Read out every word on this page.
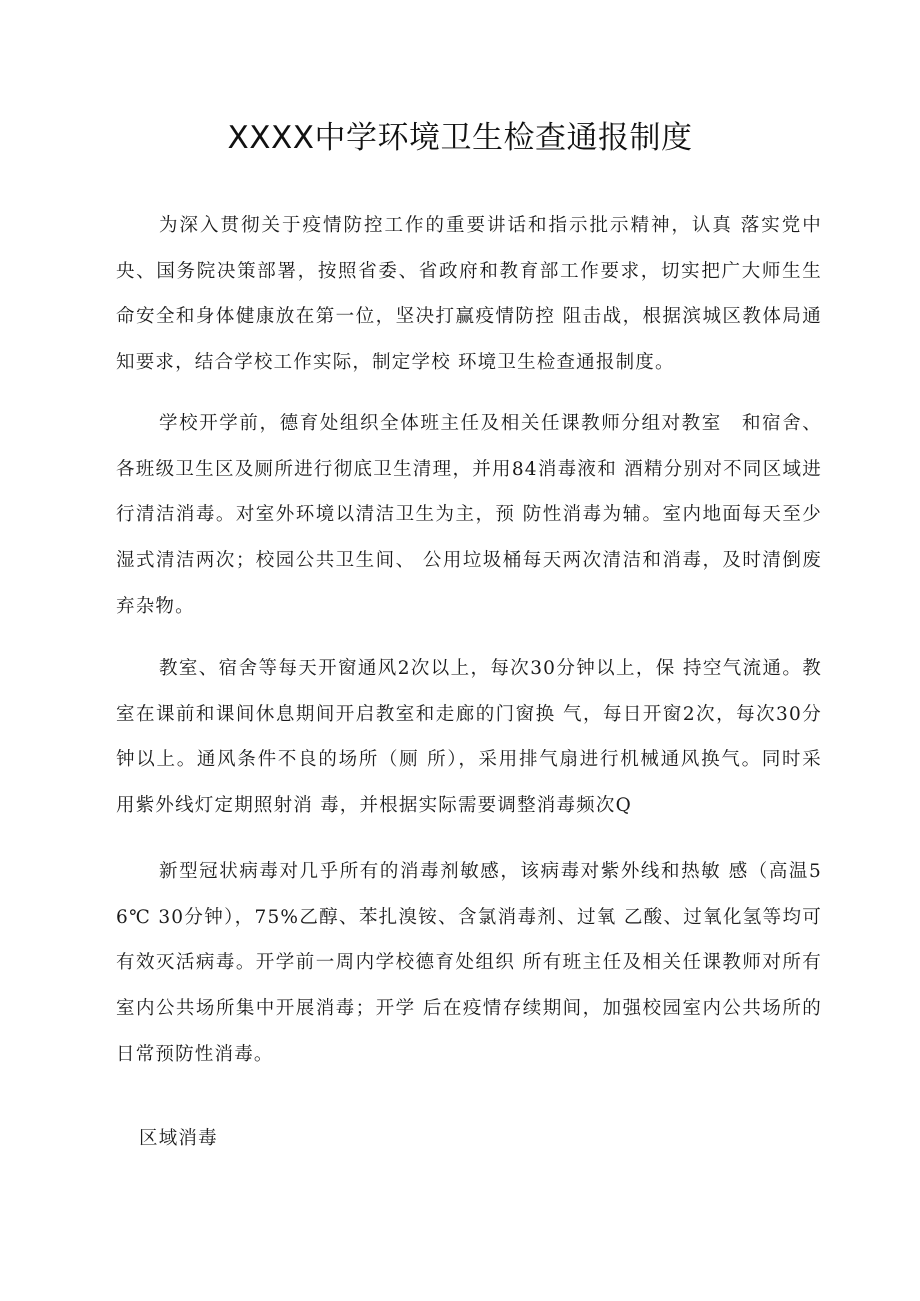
XXXX中学环境卫生检查通报制度

为深入贯彻关于疫情防控工作的重要讲话和指示批示精神，认真 落实党中央、国务院决策部署，按照省委、省政府和教育部工作要求，切实把广大师生生命安全和身体健康放在第一位，坚决打赢疫情防控 阻击战，根据滨城区教体局通知要求，结合学校工作实际，制定学校 环境卫生检查通报制度。

学校开学前，德育处组织全体班主任及相关任课教师分组对教室　和宿舍、各班级卫生区及厕所进行彻底卫生清理，并用84消毒液和 酒精分别对不同区域进行清洁消毒。对室外环境以清洁卫生为主，预 防性消毒为辅。室内地面每天至少湿式清洁两次；校园公共卫生间、 公用垃圾桶每天两次清洁和消毒，及时清倒废弃杂物。

教室、宿舍等每天开窗通风2次以上，每次30分钟以上，保 持空气流通。教室在课前和课间休息期间开启教室和走廊的门窗换 气，每日开窗2次，每次30分钟以上。通风条件不良的场所（厕 所），采用排气扇进行机械通风换气。同时采用紫外线灯定期照射消 毒，并根据实际需要调整消毒频次Q

新型冠状病毒对几乎所有的消毒剂敏感，该病毒对紫外线和热敏 感（高温56℃ 30分钟），75%乙醇、苯扎溴铵、含氯消毒剂、过氧 乙酸、过氧化氢等均可有效灭活病毒。开学前一周内学校德育处组织 所有班主任及相关任课教师对所有室内公共场所集中开展消毒；开学 后在疫情存续期间，加强校园室内公共场所的日常预防性消毒。

区域消毒
